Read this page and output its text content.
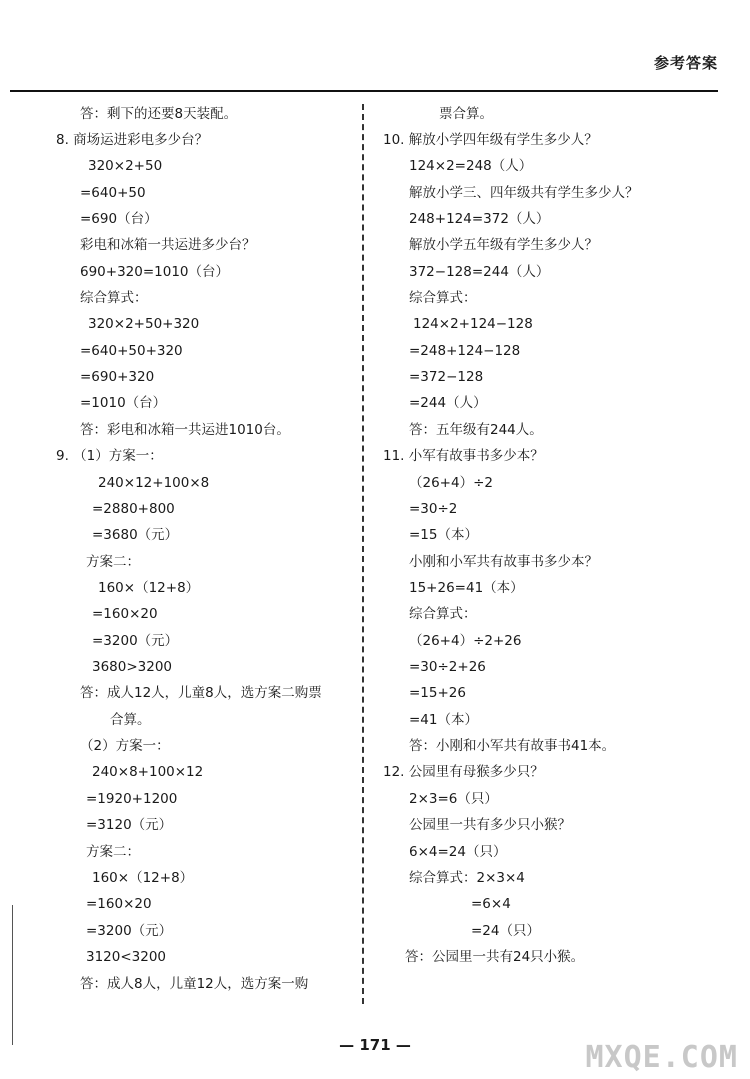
参考答案
答：剩下的还要8天装配。
8. 商场运进彩电多少台？
320×2+50
=640+50
=690（台）
彩电和冰箱一共运进多少台？
690+320=1010（台）
综合算式：
320×2+50+320
=640+50+320
=690+320
=1010（台）
答：彩电和冰箱一共运进1010台。
9. （1）方案一：
240×12+100×8
=2880+800
=3680（元）
方案二：
160×（12+8）
=160×20
=3200（元）
3680>3200
答：成人12人，儿童8人，选方案二购票
合算。
（2）方案一：
240×8+100×12
=1920+1200
=3120（元）
方案二：
160×（12+8）
=160×20
=3200（元）
3120<3200
答：成人8人，儿童12人，选方案一购
票合算。
10. 解放小学四年级有学生多少人？
124×2=248（人）
解放小学三、四年级共有学生多少人？
248+124=372（人）
解放小学五年级有学生多少人？
372−128=244（人）
综合算式：
124×2+124−128
=248+124−128
=372−128
=244（人）
答：五年级有244人。
11. 小军有故事书多少本？
（26+4）÷2
=30÷2
=15（本）
小刚和小军共有故事书多少本？
15+26=41（本）
综合算式：
（26+4）÷2+26
=30÷2+26
=15+26
=41（本）
答：小刚和小军共有故事书41本。
12. 公园里有母猴多少只？
2×3=6（只）
公园里一共有多少只小猴？
6×4=24（只）
综合算式：2×3×4
=6×4
=24（只）
答：公园里一共有24只小猴。
— 171 —	MXQE.COM
